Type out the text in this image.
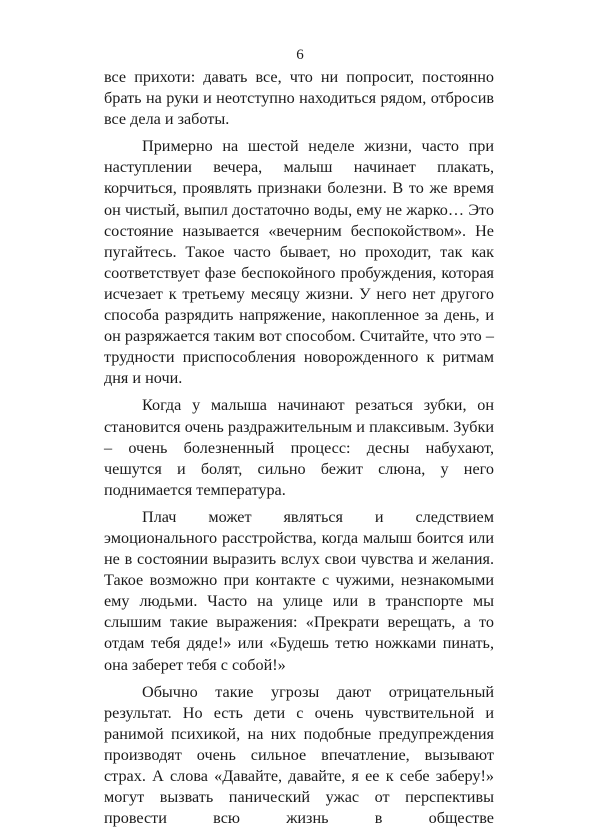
6

все прихоти: давать все, что ни попросит, постоянно брать на руки и неотступно находиться рядом, отбросив все дела и заботы.

Примерно на шестой неделе жизни, часто при наступлении вечера, малыш начинает плакать, корчиться, проявлять признаки болезни. В то же время он чистый, выпил достаточно воды, ему не жарко… Это состояние называется «вечерним беспокойством». Не пугайтесь. Такое часто бывает, но проходит, так как соответствует фазе беспокойного пробуждения, которая исчезает к третьему месяцу жизни. У него нет другого способа разрядить напряжение, накопленное за день, и он разряжается таким вот способом. Считайте, что это – трудности приспособления новорожденного к ритмам дня и ночи.

Когда у малыша начинают резаться зубки, он становится очень раздражительным и плаксивым. Зубки – очень болезненный процесс: десны набухают, чешутся и болят, сильно бежит слюна, у него поднимается температура.

Плач может являться и следствием эмоционального расстройства, когда малыш боится или не в состоянии выразить вслух свои чувства и желания. Такое возможно при контакте с чужими, незнакомыми ему людьми. Часто на улице или в транспорте мы слышим такие выражения: «Прекрати верещать, а то отдам тебя дяде!» или «Будешь тетю ножками пинать, она заберет тебя с собой!»

Обычно такие угрозы дают отрицательный результат. Но есть дети с очень чувствительной и ранимой психикой, на них подобные предупреждения производят очень сильное впечатление, вызывают страх. А слова «Давайте, давайте, я ее к себе заберу!» могут вызвать панический ужас от перспективы провести всю жизнь в обществе
